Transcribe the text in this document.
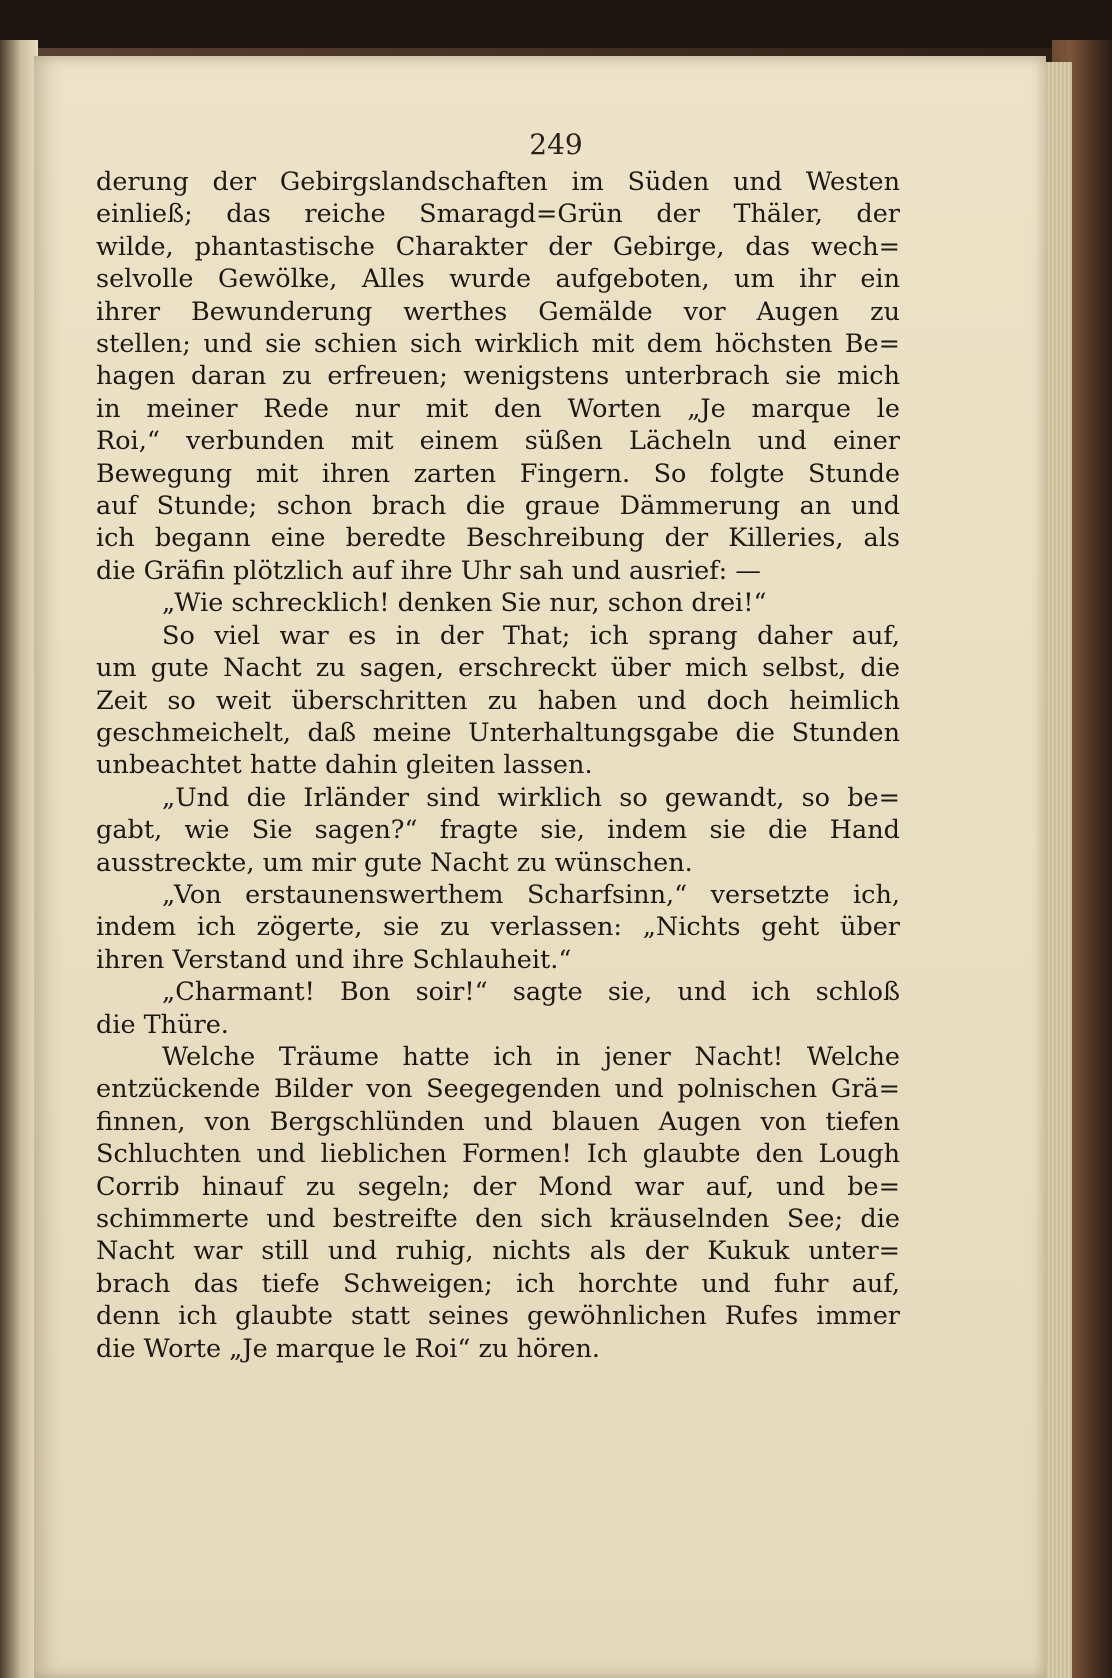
249

derung der Gebirgslandschaften im Süden und Westen
einließ; das reiche Smaragd=Grün der Thäler, der
wilde, phantastische Charakter der Gebirge, das wech=
selvolle Gewölke, Alles wurde aufgeboten, um ihr ein
ihrer Bewunderung werthes Gemälde vor Augen zu
stellen; und sie schien sich wirklich mit dem höchsten Be=
hagen daran zu erfreuen; wenigstens unterbrach sie mich
in meiner Rede nur mit den Worten „Je marque le
Roi,“ verbunden mit einem süßen Lächeln und einer
Bewegung mit ihren zarten Fingern. So folgte Stunde
auf Stunde; schon brach die graue Dämmerung an und
ich begann eine beredte Beschreibung der Killeries, als
die Gräfin plötzlich auf ihre Uhr sah und ausrief: —
„Wie schrecklich! denken Sie nur, schon drei!“
So viel war es in der That; ich sprang daher auf,
um gute Nacht zu sagen, erschreckt über mich selbst, die
Zeit so weit überschritten zu haben und doch heimlich
geschmeichelt, daß meine Unterhaltungsgabe die Stunden
unbeachtet hatte dahin gleiten lassen.
„Und die Irländer sind wirklich so gewandt, so be=
gabt, wie Sie sagen?“ fragte sie, indem sie die Hand
ausstreckte, um mir gute Nacht zu wünschen.
„Von erstaunenswerthem Scharfsinn,“ versetzte ich,
indem ich zögerte, sie zu verlassen: „Nichts geht über
ihren Verstand und ihre Schlauheit.“
„Charmant! Bon soir!“ sagte sie, und ich schloß
die Thüre.
Welche Träume hatte ich in jener Nacht! Welche
entzückende Bilder von Seegegenden und polnischen Grä=
finnen, von Bergschlünden und blauen Augen von tiefen
Schluchten und lieblichen Formen! Ich glaubte den Lough
Corrib hinauf zu segeln; der Mond war auf, und be=
schimmerte und bestreifte den sich kräuselnden See; die
Nacht war still und ruhig, nichts als der Kukuk unter=
brach das tiefe Schweigen; ich horchte und fuhr auf,
denn ich glaubte statt seines gewöhnlichen Rufes immer
die Worte „Je marque le Roi“ zu hören.
